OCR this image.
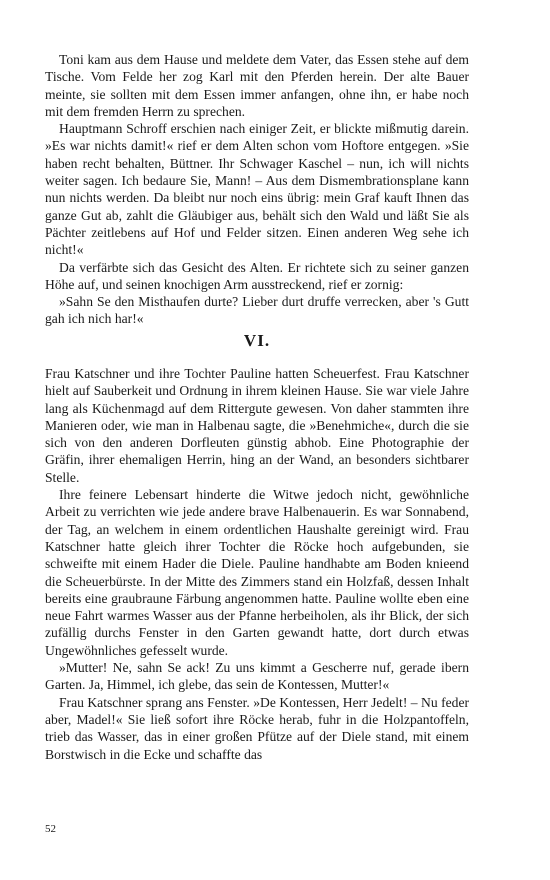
Toni kam aus dem Hause und meldete dem Vater, das Essen stehe auf dem Tische. Vom Felde her zog Karl mit den Pferden herein. Der alte Bauer meinte, sie sollten mit dem Essen immer anfangen, ohne ihn, er habe noch mit dem fremden Herrn zu sprechen.

Hauptmann Schroff erschien nach einiger Zeit, er blickte mißmutig darein. »Es war nichts damit!« rief er dem Alten schon vom Hoftore entgegen. »Sie haben recht behalten, Büttner. Ihr Schwager Kaschel – nun, ich will nichts weiter sagen. Ich bedaure Sie, Mann! – Aus dem Dismembrationsplane kann nun nichts werden. Da bleibt nur noch eins übrig: mein Graf kauft Ihnen das ganze Gut ab, zahlt die Gläubiger aus, behält sich den Wald und läßt Sie als Pächter zeitlebens auf Hof und Felder sitzen. Einen anderen Weg sehe ich nicht!«

Da verfärbte sich das Gesicht des Alten. Er richtete sich zu seiner ganzen Höhe auf, und seinen knochigen Arm ausstreckend, rief er zornig:

»Sahn Se den Misthaufen durte? Lieber durt druffe verrecken, aber 's Gutt gah ich nich har!«

VI.

Frau Katschner und ihre Tochter Pauline hatten Scheuerfest. Frau Katschner hielt auf Sauberkeit und Ordnung in ihrem kleinen Hause. Sie war viele Jahre lang als Küchenmagd auf dem Rittergute gewesen. Von daher stammten ihre Manieren oder, wie man in Halbenau sagte, die »Benehmiche«, durch die sie sich von den anderen Dorfleuten günstig abhob. Eine Photographie der Gräfin, ihrer ehemaligen Herrin, hing an der Wand, an besonders sichtbarer Stelle.

Ihre feinere Lebensart hinderte die Witwe jedoch nicht, gewöhnliche Arbeit zu verrichten wie jede andere brave Halbenauerin. Es war Sonnabend, der Tag, an welchem in einem ordentlichen Haushalte gereinigt wird. Frau Katschner hatte gleich ihrer Tochter die Röcke hoch aufgebunden, sie schweifte mit einem Hader die Diele. Pauline handhabte am Boden knieend die Scheuerbürste. In der Mitte des Zimmers stand ein Holzfaß, dessen Inhalt bereits eine graubraune Färbung angenommen hatte. Pauline wollte eben eine neue Fahrt warmes Wasser aus der Pfanne herbeiholen, als ihr Blick, der sich zufällig durchs Fenster in den Garten gewandt hatte, dort durch etwas Ungewöhnliches gefesselt wurde.

»Mutter! Ne, sahn Se ack! Zu uns kimmt a Gescherre nuf, gerade ibern Garten. Ja, Himmel, ich glebe, das sein de Kontessen, Mutter!«

Frau Katschner sprang ans Fenster. »De Kontessen, Herr Jedelt! – Nu feder aber, Madel!« Sie ließ sofort ihre Röcke herab, fuhr in die Holzpantoffeln, trieb das Wasser, das in einer großen Pfütze auf der Diele stand, mit einem Borstwisch in die Ecke und schaffte das

52
